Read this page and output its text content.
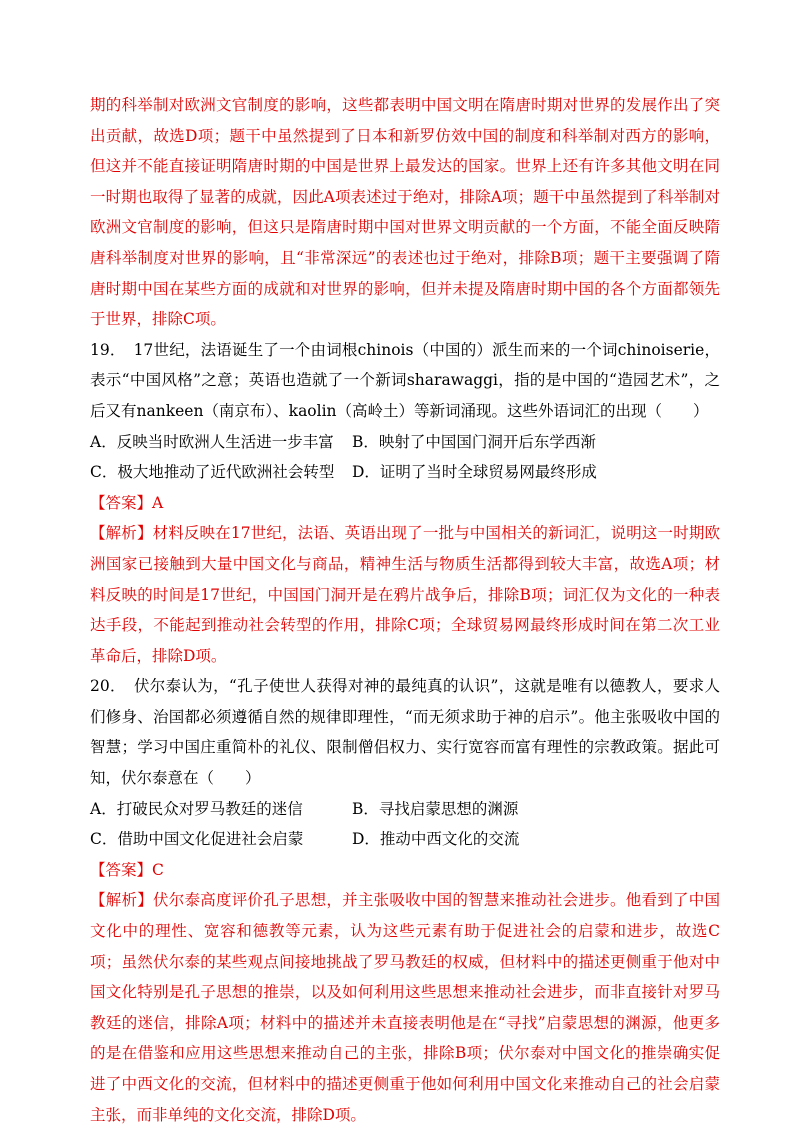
期的科举制对欧洲文官制度的影响，这些都表明中国文明在隋唐时期对世界的发展作出了突出贡献，故选D项；题干中虽然提到了日本和新罗仿效中国的制度和科举制对西方的影响，但这并不能直接证明隋唐时期的中国是世界上最发达的国家。世界上还有许多其他文明在同一时期也取得了显著的成就，因此A项表述过于绝对，排除A项；题干中虽然提到了科举制对欧洲文官制度的影响，但这只是隋唐时期中国对世界文明贡献的一个方面，不能全面反映隋唐科举制度对世界的影响，且“非常深远”的表述也过于绝对，排除B项；题干主要强调了隋唐时期中国在某些方面的成就和对世界的影响，但并未提及隋唐时期中国的各个方面都领先于世界，排除C项。

19．　17世纪，法语诞生了一个由词根chinois（中国的）派生而来的一个词chinoiserie，表示“中国风格”之意；英语也造就了一个新词sharawaggi，指的是中国的“造园艺术”，之后又有nankeen（南京布）、kaolin（高岭土）等新词涌现。这些外语词汇的出现（　　）

A．反映当时欧洲人生活进一步丰富	B．映射了中国国门洞开后东学西渐
C．极大地推动了近代欧洲社会转型	D．证明了当时全球贸易网最终形成

【答案】A

【解析】材料反映在17世纪，法语、英语出现了一批与中国相关的新词汇，说明这一时期欧洲国家已接触到大量中国文化与商品，精神生活与物质生活都得到较大丰富，故选A项；材料反映的时间是17世纪，中国国门洞开是在鸦片战争后，排除B项；词汇仅为文化的一种表达手段，不能起到推动社会转型的作用，排除C项；全球贸易网最终形成时间在第二次工业革命后，排除D项。

20．　伏尔泰认为，“孔子使世人获得对神的最纯真的认识”，这就是唯有以德教人，要求人们修身、治国都必须遵循自然的规律即理性，“而无须求助于神的启示”。他主张吸收中国的智慧；学习中国庄重简朴的礼仪、限制僧侣权力、实行宽容而富有理性的宗教政策。据此可知，伏尔泰意在（　　）

A．打破民众对罗马教廷的迷信	B．寻找启蒙思想的渊源
C．借助中国文化促进社会启蒙	D．推动中西文化的交流

【答案】C

【解析】伏尔泰高度评价孔子思想，并主张吸收中国的智慧来推动社会进步。他看到了中国文化中的理性、宽容和德教等元素，认为这些元素有助于促进社会的启蒙和进步，故选C项；虽然伏尔泰的某些观点间接地挑战了罗马教廷的权威，但材料中的描述更侧重于他对中国文化特别是孔子思想的推崇，以及如何利用这些思想来推动社会进步，而非直接针对罗马教廷的迷信，排除A项；材料中的描述并未直接表明他是在“寻找”启蒙思想的渊源，他更多的是在借鉴和应用这些思想来推动自己的主张，排除B项；伏尔泰对中国文化的推崇确实促进了中西文化的交流，但材料中的描述更侧重于他如何利用中国文化来推动自己的社会启蒙主张，而非单纯的文化交流，排除D项。
